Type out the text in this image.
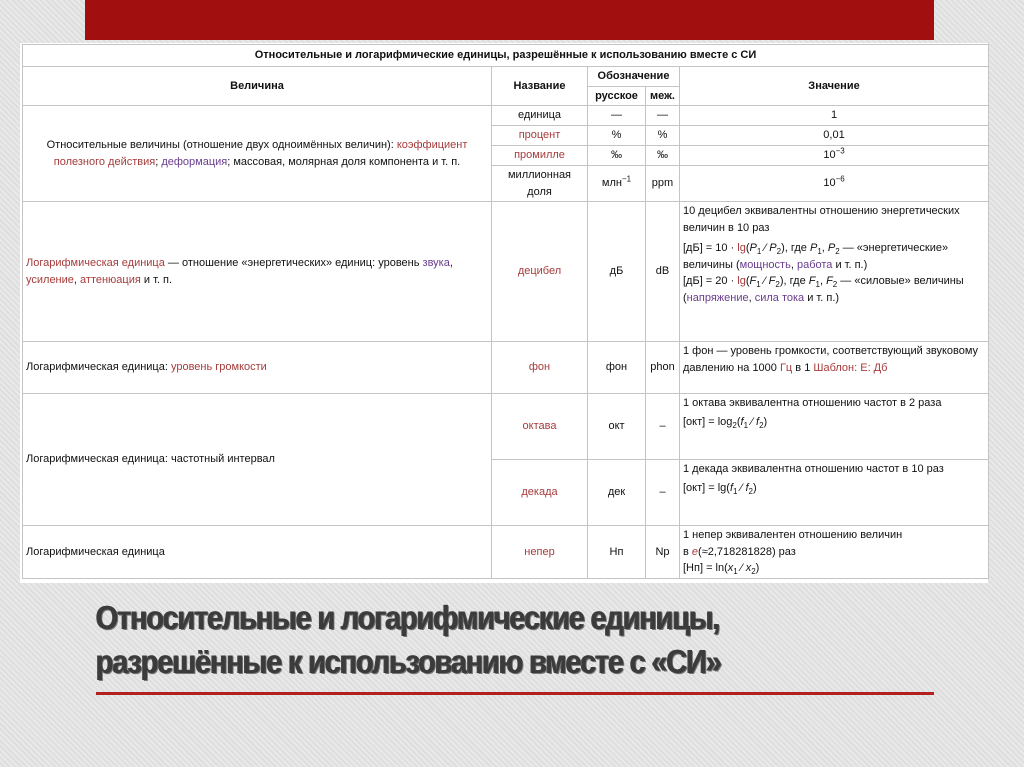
Относительные и логарифмические единицы, разрешённые к использованию вместе с СИ				
Величина	Название	Обозначение		Значение
		русское	меж.	
Относительные величины (отношение двух одноимённых величин): коэффициент полезного действия; деформация; массовая, молярная доля компонента и т. п.	единица	—	—	1
	процент	%	%	0,01
	промилле	‰	‰	$10^{-3}$
	миллионная доля	млн$^{-1}$	ppm	$10^{-6}$
Логарифмическая единица — отношение «энергетических» единиц: уровень звука, усиление, аттенюация и т. п.	децибел	дБ	dB	10 децибел эквивалентны отношению энергетических величин в 10 раз
$[дБ] = 10 \cdot \lg(P_1$ ⁄ $P_2$), где $P_1$, $P_2$ — «энергетические» величины (мощность, работа и т. п.)
$[дБ] = 20 \cdot \lg(F_1$ ⁄ $F_2$), где $F_1$, $F_2$ — «силовые» величины (напряжение, сила тока и т. п.)

Логарифмическая единица: уровень громкости	фон	фон	phon	1 фон — уровень громкости, соответствующий звуковому давлению на 1000 Гц в 1 Шаблон: Е: Дб
Логарифмическая единица: частотный интервал	октава	окт	–	1 октава эквивалентна отношению частот в 2 раза
$[окт] = \log_2(f_1$ ⁄ $f_2$)

	декада	дек	–	1 декада эквивалентна отношению частот в 10 раз
$[окт] = \lg(f_1$ ⁄ $f_2$)

Логарифмическая единица	непер	Нп	Np	1 непер эквивалентен отношению величин
в e(≈2,718281828) раз
$[Нп] = \ln(x_1$ ⁄ $x_2$)
Относительные и логарифмические единицы,
разрешённые к использованию вместе с «СИ»
